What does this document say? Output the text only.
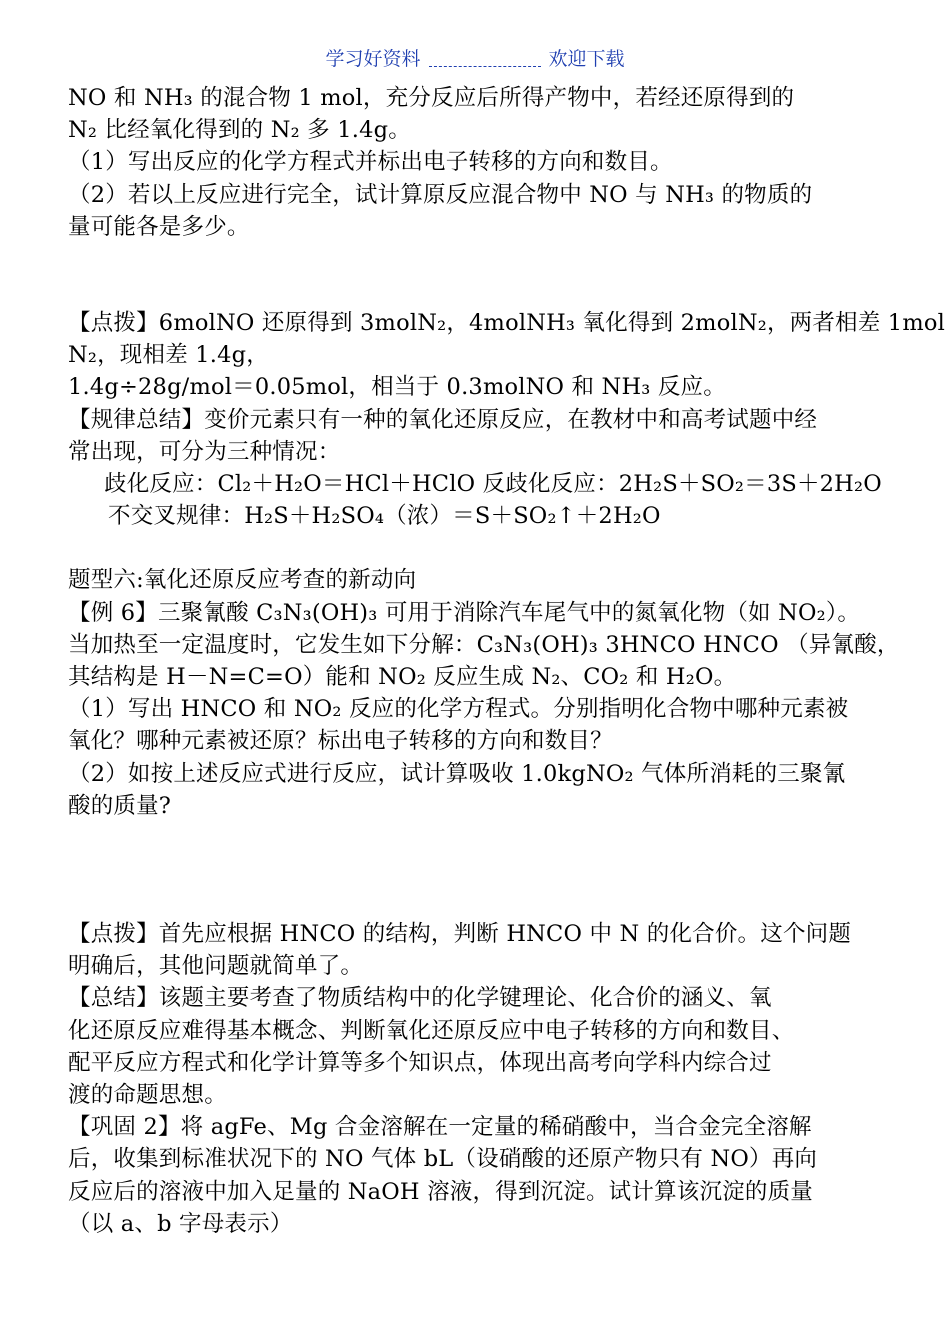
学习好资料	欢迎下载
NO 和 NH₃ 的混合物 1 mol，充分反应后所得产物中，若经还原得到的
N₂ 比经氧化得到的 N₂ 多 1.4g。
（1）写出反应的化学方程式并标出电子转移的方向和数目。
（2）若以上反应进行完全，试计算原反应混合物中 NO 与 NH₃ 的物质的
量可能各是多少。
【点拨】6molNO 还原得到 3molN₂，4molNH₃ 氧化得到 2molN₂，两者相差 1mol
N₂，现相差 1.4g，
1.4g÷28g/mol＝0.05mol，相当于 0.3molNO 和 NH₃ 反应。
【规律总结】变价元素只有一种的氧化还原反应，在教材中和高考试题中经
常出现，可分为三种情况：
歧化反应：Cl₂＋H₂O＝HCl＋HClO 反歧化反应：2H₂S＋SO₂＝3S＋2H₂O
不交叉规律：H₂S＋H₂SO₄（浓）＝S＋SO₂↑＋2H₂O
题型六:氧化还原反应考查的新动向
【例 6】三聚氰酸 C₃N₃(OH)₃ 可用于消除汽车尾气中的氮氧化物（如 NO₂）。
当加热至一定温度时，它发生如下分解：C₃N₃(OH)₃ 3HNCO HNCO （异氰酸，
其结构是 H－N=C=O）能和 NO₂ 反应生成 N₂、CO₂ 和 H₂O。
（1）写出 HNCO 和 NO₂ 反应的化学方程式。分别指明化合物中哪种元素被
氧化？哪种元素被还原？标出电子转移的方向和数目？
（2）如按上述反应式进行反应，试计算吸收 1.0kgNO₂ 气体所消耗的三聚氰
酸的质量?
【点拨】首先应根据 HNCO 的结构，判断 HNCO 中 N 的化合价。这个问题
明确后，其他问题就简单了。
【总结】该题主要考查了物质结构中的化学键理论、化合价的涵义、氧
化还原反应难得基本概念、判断氧化还原反应中电子转移的方向和数目、
配平反应方程式和化学计算等多个知识点，体现出高考向学科内综合过
渡的命题思想。
【巩固 2】将 agFe、Mg 合金溶解在一定量的稀硝酸中，当合金完全溶解
后，收集到标准状况下的 NO 气体 bL（设硝酸的还原产物只有 NO）再向
反应后的溶液中加入足量的 NaOH 溶液，得到沉淀。试计算该沉淀的质量
（以 a、b 字母表示）
